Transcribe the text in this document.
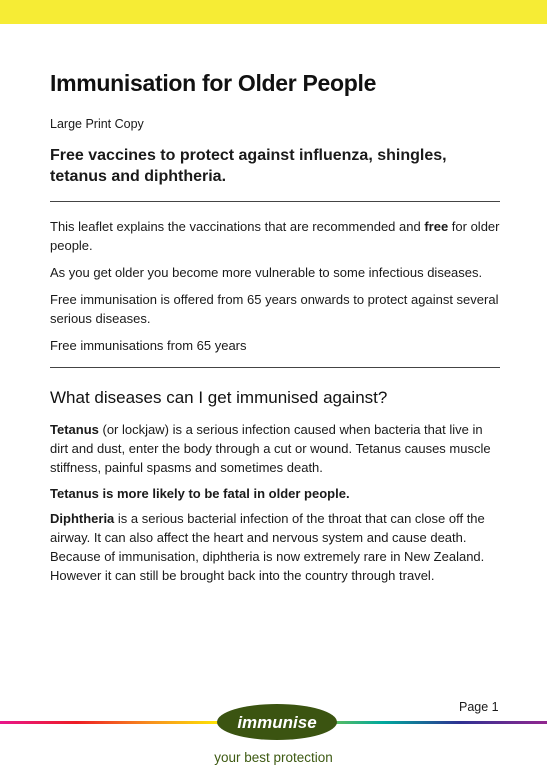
Immunisation for Older People

Large Print Copy

Free vaccines to protect against influenza, shingles, tetanus and diphtheria.

This leaflet explains the vaccinations that are recommended and free for older people.

As you get older you become more vulnerable to some infectious diseases.

Free immunisation is offered from 65 years onwards to protect against several serious diseases.

Free immunisations from 65 years

What diseases can I get immunised against?

Tetanus (or lockjaw) is a serious infection caused when bacteria that live in dirt and dust, enter the body through a cut or wound. Tetanus causes muscle stiffness, painful spasms and sometimes death.

Tetanus is more likely to be fatal in older people.

Diphtheria is a serious bacterial infection of the throat that can close off the airway. It can also affect the heart and nervous system and cause death. Because of immunisation, diphtheria is now extremely rare in New Zealand. However it can still be brought back into the country through travel.

immunise
Page 1
your best protection
